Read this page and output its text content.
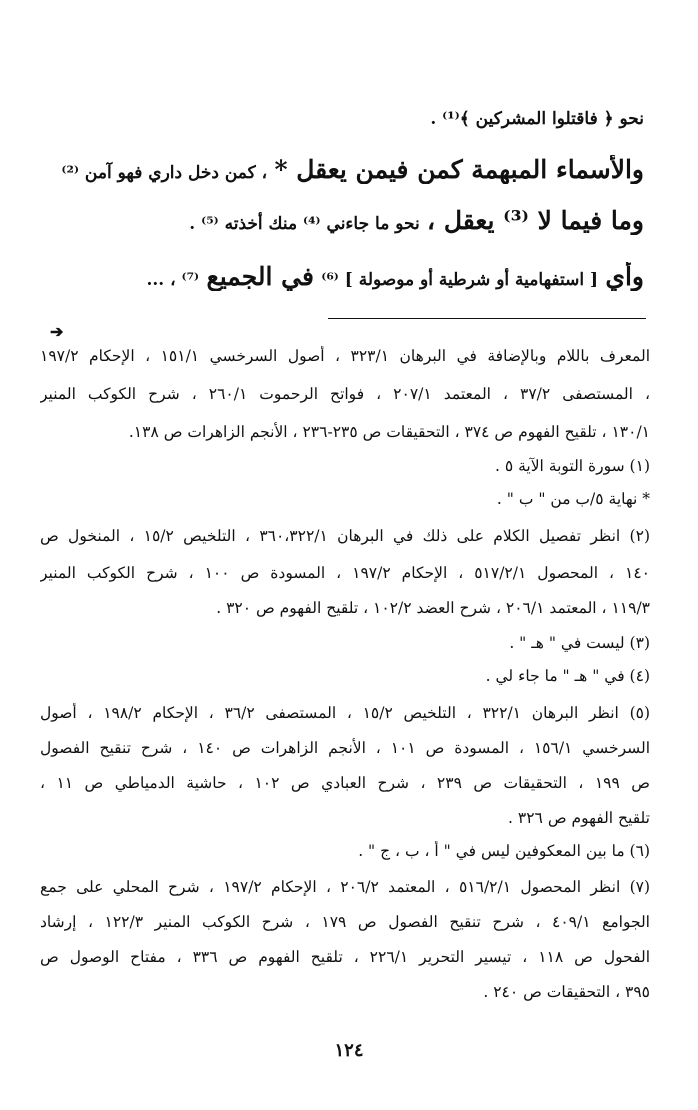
نحو ﴿ فاقتلوا المشركين ﴾⁽¹⁾ .
والأسماء المبهمة كمن فيمن يعقل * ، كمن دخل داري فهو آمن ⁽²⁾
وما فيما لا ⁽³⁾ يعقل ، نحو ما جاءني ⁽⁴⁾ منك أخذته ⁽⁵⁾ .
وأي [ استفهامية أو شرطية أو موصولة ] ⁽⁶⁾ في الجميع ⁽⁷⁾ ، ...
➔
المعرف باللام وبالإضافة في البرهان ٣٢٣/١ ، أصول السرخسي ١٥١/١ ، الإحكام ١٩٧/٢
، المستصفى ٣٧/٢ ، المعتمد ٢٠٧/١ ، فواتح الرحموت ٢٦٠/١ ، شرح الكوكب المنير
١٣٠/١ ، تلقيح الفهوم ص ٣٧٤ ، التحقيقات ص ٢٣٥-٢٣٦ ، الأنجم الزاهرات ص ١٣٨.
(١) سورة التوبة الآية ٥ .
* نهاية ٥/ب من " ب " .
(٢) انظر تفصيل الكلام على ذلك في البرهان ٣٦٠،٣٢٢/١ ، التلخيص ١٥/٢ ، المنخول ص
١٤٠ ، المحصول ٥١٧/٢/١ ، الإحكام ١٩٧/٢ ، المسودة ص ١٠٠ ، شرح الكوكب المنير
١١٩/٣ ، المعتمد ٢٠٦/١ ، شرح العضد ١٠٢/٢ ، تلقيح الفهوم ص ٣٢٠ .
(٣) ليست في " هـ " .
(٤) في " هـ " ما جاء لي .
(٥) انظر البرهان ٣٢٢/١ ، التلخيص ١٥/٢ ، المستصفى ٣٦/٢ ، الإحكام ١٩٨/٢ ، أصول
السرخسي ١٥٦/١ ، المسودة ص ١٠١ ، الأنجم الزاهرات ص ١٤٠ ، شرح تنقيح الفصول
ص ١٩٩ ، التحقيقات ص ٢٣٩ ، شرح العبادي ص ١٠٢ ، حاشية الدمياطي ص ١١ ،
تلقيح الفهوم ص ٣٢٦ .
(٦) ما بين المعكوفين ليس في " أ ، ب ، ج " .
(٧) انظر المحصول ٥١٦/٢/١ ، المعتمد ٢٠٦/٢ ، الإحكام ١٩٧/٢ ، شرح المحلي على جمع
الجوامع ٤٠٩/١ ، شرح تنقيح الفصول ص ١٧٩ ، شرح الكوكب المنير ١٢٢/٣ ، إرشاد
الفحول ص ١١٨ ، تيسير التحرير ٢٢٦/١ ، تلقيح الفهوم ص ٣٣٦ ، مفتاح الوصول ص
٣٩٥ ، التحقيقات ص ٢٤٠ .
١٢٤
